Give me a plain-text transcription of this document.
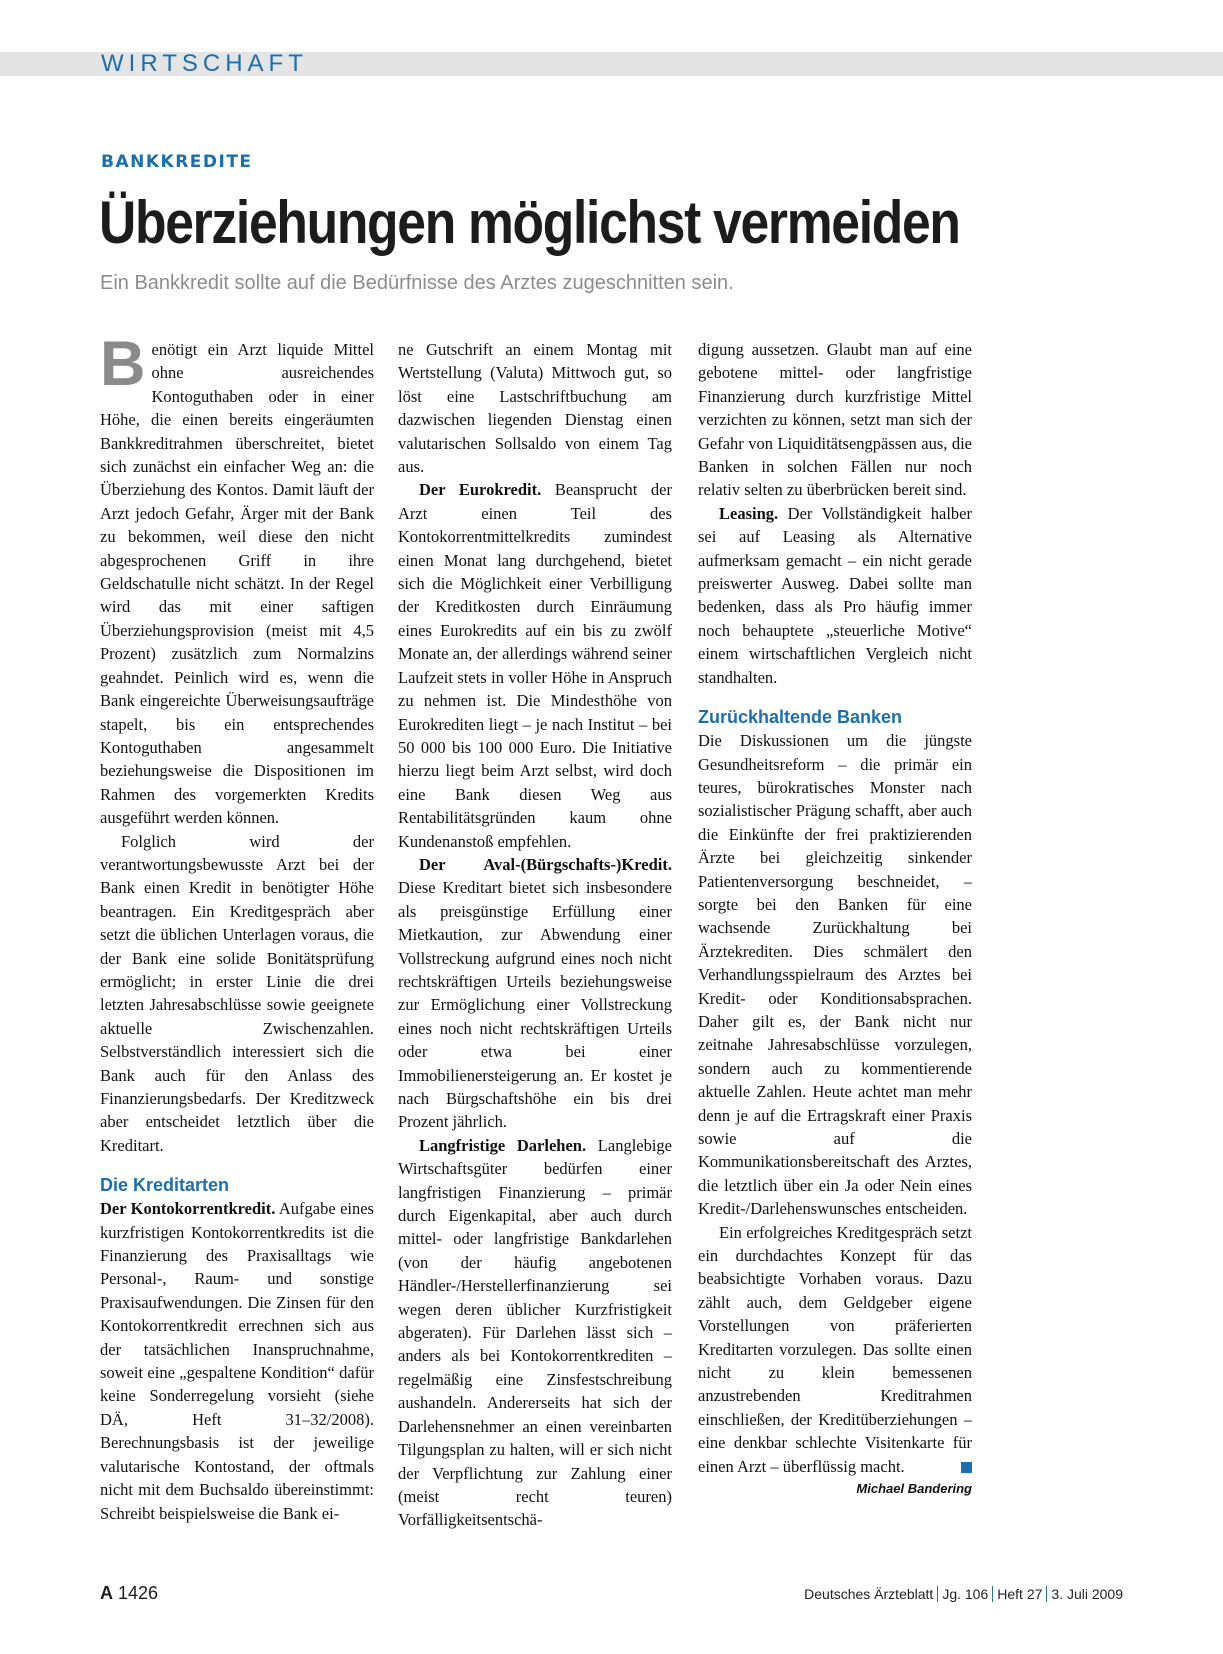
WIRTSCHAFT
BANKKREDITE
Überziehungen möglichst vermeiden
Ein Bankkredit sollte auf die Bedürfnisse des Arztes zugeschnitten sein.

Benötigt ein Arzt liquide Mittel ohne ausreichendes Kontoguthaben oder in einer Höhe, die einen bereits eingeräumten Bankkreditrahmen überschreitet, bietet sich zunächst ein einfacher Weg an: die Überziehung des Kontos. Damit läuft der Arzt jedoch Gefahr, Ärger mit der Bank zu bekommen, weil diese den nicht abgesprochenen Griff in ihre Geldschatulle nicht schätzt. In der Regel wird das mit einer saftigen Überziehungsprovision (meist mit 4,5 Prozent) zusätzlich zum Normalzins geahndet. Peinlich wird es, wenn die Bank eingereichte Überweisungsaufträge stapelt, bis ein entsprechendes Kontoguthaben angesammelt beziehungsweise die Dispositionen im Rahmen des vorgemerkten Kredits ausgeführt werden können.

Folglich wird der verantwortungsbewusste Arzt bei der Bank einen Kredit in benötigter Höhe beantragen. Ein Kreditgespräch aber setzt die üblichen Unterlagen voraus, die der Bank eine solide Bonitätsprüfung ermöglicht; in erster Linie die drei letzten Jahresabschlüsse sowie geeignete aktuelle Zwischenzahlen. Selbstverständlich interessiert sich die Bank auch für den Anlass des Finanzierungsbedarfs. Der Kreditzweck aber entscheidet letztlich über die Kreditart.

Die Kreditarten

Der Kontokorrentkredit. Aufgabe eines kurzfristigen Kontokorrentkredits ist die Finanzierung des Praxisalltags wie Personal-, Raum- und sonstige Praxisaufwendungen. Die Zinsen für den Kontokorrentkredit errechnen sich aus der tatsächlichen Inanspruchnahme, soweit eine „gespaltene Kondition“ dafür keine Sonderregelung vorsieht (siehe DÄ, Heft 31–32/2008). Berechnungsbasis ist der jeweilige valutarische Kontostand, der oftmals nicht mit dem Buchsaldo übereinstimmt: Schreibt beispielsweise die Bank ei-

ne Gutschrift an einem Montag mit Wertstellung (Valuta) Mittwoch gut, so löst eine Lastschriftbuchung am dazwischen liegenden Dienstag einen valutarischen Sollsaldo von einem Tag aus.

Der Eurokredit. Beansprucht der Arzt einen Teil des Kontokorrentmittelkredits zumindest einen Monat lang durchgehend, bietet sich die Möglichkeit einer Verbilligung der Kreditkosten durch Einräumung eines Eurokredits auf ein bis zu zwölf Monate an, der allerdings während seiner Laufzeit stets in voller Höhe in Anspruch zu nehmen ist. Die Mindesthöhe von Eurokrediten liegt – je nach Institut – bei 50 000 bis 100 000 Euro. Die Initiative hierzu liegt beim Arzt selbst, wird doch eine Bank diesen Weg aus Rentabilitätsgründen kaum ohne Kundenanstoß empfehlen.

Der Aval-(Bürgschafts-)Kredit. Diese Kreditart bietet sich insbesondere als preisgünstige Erfüllung einer Mietkaution, zur Abwendung einer Vollstreckung aufgrund eines noch nicht rechtskräftigen Urteils beziehungsweise zur Ermöglichung einer Vollstreckung eines noch nicht rechtskräftigen Urteils oder etwa bei einer Immobilienersteigerung an. Er kostet je nach Bürgschaftshöhe ein bis drei Prozent jährlich.

Langfristige Darlehen. Langlebige Wirtschaftsgüter bedürfen einer langfristigen Finanzierung – primär durch Eigenkapital, aber auch durch mittel- oder langfristige Bankdarlehen (von der häufig angebotenen Händler-/Herstellerfinanzierung sei wegen deren üblicher Kurzfristigkeit abgeraten). Für Darlehen lässt sich – anders als bei Kontokorrentkrediten – regelmäßig eine Zinsfestschreibung aushandeln. Andererseits hat sich der Darlehensnehmer an einen vereinbarten Tilgungsplan zu halten, will er sich nicht der Verpflichtung zur Zahlung einer (meist recht teuren) Vorfälligkeitsentschä-

digung aussetzen. Glaubt man auf eine gebotene mittel- oder langfristige Finanzierung durch kurzfristige Mittel verzichten zu können, setzt man sich der Gefahr von Liquiditätsengpässen aus, die Banken in solchen Fällen nur noch relativ selten zu überbrücken bereit sind.

Leasing. Der Vollständigkeit halber sei auf Leasing als Alternative aufmerksam gemacht – ein nicht gerade preiswerter Ausweg. Dabei sollte man bedenken, dass als Pro häufig immer noch behauptete „steuerliche Motive“ einem wirtschaftlichen Vergleich nicht standhalten.

Zurückhaltende Banken

Die Diskussionen um die jüngste Gesundheitsreform – die primär ein teures, bürokratisches Monster nach sozialistischer Prägung schafft, aber auch die Einkünfte der frei praktizierenden Ärzte bei gleichzeitig sinkender Patientenversorgung beschneidet, – sorgte bei den Banken für eine wachsende Zurückhaltung bei Ärztekrediten. Dies schmälert den Verhandlungsspielraum des Arztes bei Kredit- oder Konditionsabsprachen. Daher gilt es, der Bank nicht nur zeitnahe Jahresabschlüsse vorzulegen, sondern auch zu kommentierende aktuelle Zahlen. Heute achtet man mehr denn je auf die Ertragskraft einer Praxis sowie auf die Kommunikationsbereitschaft des Arztes, die letztlich über ein Ja oder Nein eines Kredit-/Darlehenswunsches entscheiden.

Ein erfolgreiches Kreditgespräch setzt ein durchdachtes Konzept für das beabsichtigte Vorhaben voraus. Dazu zählt auch, dem Geldgeber eigene Vorstellungen von präferierten Kreditarten vorzulegen. Das sollte einen nicht zu klein bemessenen anzustrebenden Kreditrahmen einschließen, der Kreditüberziehungen – eine denkbar schlechte Visitenkarte für einen Arzt – überflüssig macht.

Michael Bandering
A 1426	Deutsches Ärzteblatt Jg. 106 Heft 27 3. Juli 2009
